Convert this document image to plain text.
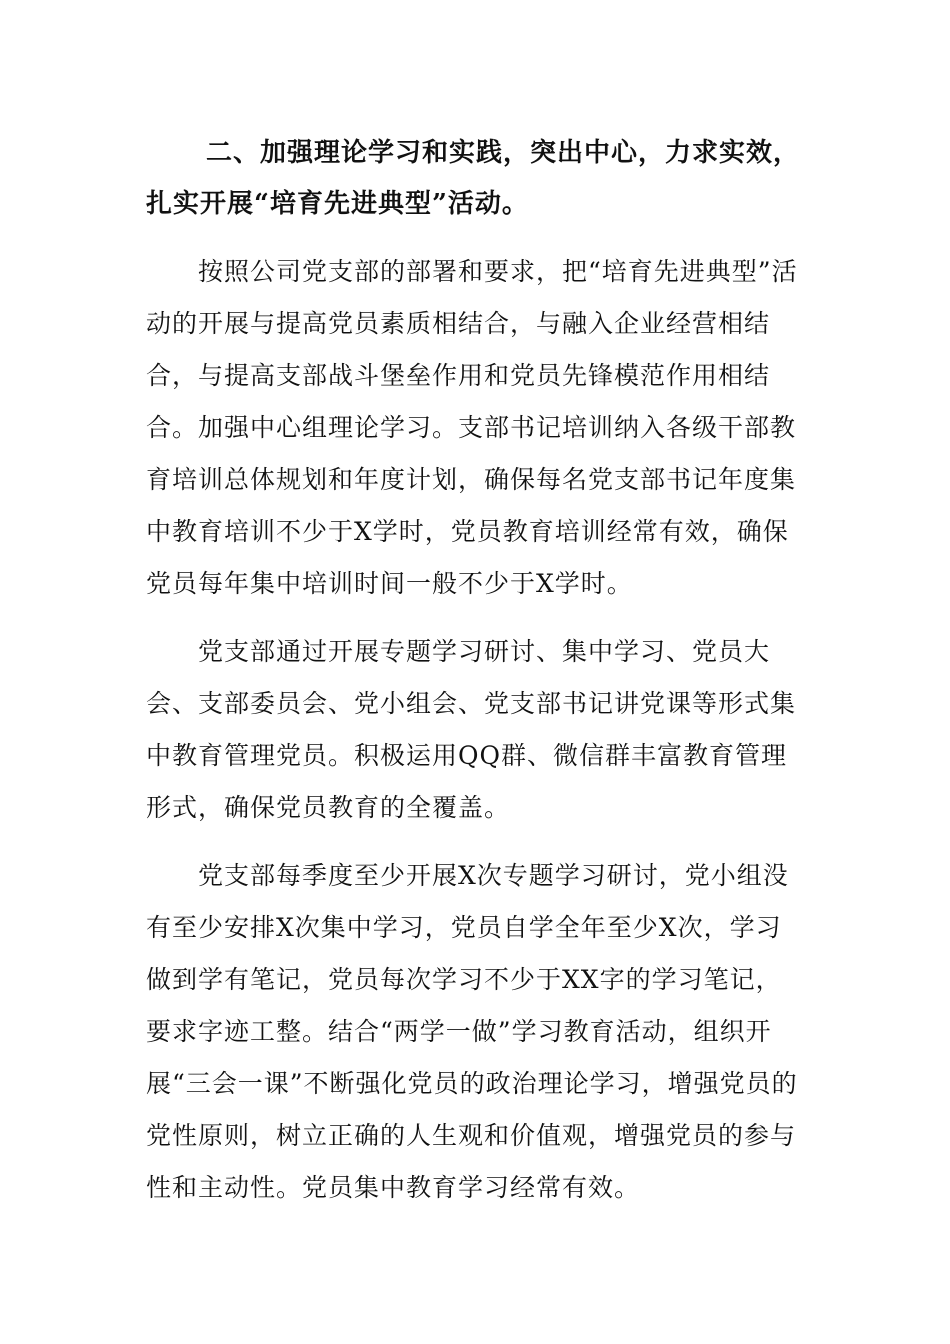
二、加强理论学习和实践，突出中心，力求实效，扎实开展“培育先进典型”活动。

按照公司党支部的部署和要求，把“培育先进典型”活动的开展与提高党员素质相结合，与融入企业经营相结合，与提高支部战斗堡垒作用和党员先锋模范作用相结合。加强中心组理论学习。支部书记培训纳入各级干部教育培训总体规划和年度计划，确保每名党支部书记年度集中教育培训不少于X学时，党员教育培训经常有效，确保党员每年集中培训时间一般不少于X学时。

党支部通过开展专题学习研讨、集中学习、党员大会、支部委员会、党小组会、党支部书记讲党课等形式集中教育管理党员。积极运用QQ群、微信群丰富教育管理形式，确保党员教育的全覆盖。

党支部每季度至少开展X次专题学习研讨，党小组没有至少安排X次集中学习，党员自学全年至少X次，学习做到学有笔记，党员每次学习不少于XX字的学习笔记，要求字迹工整。结合“两学一做”学习教育活动，组织开展“三会一课”不断强化党员的政治理论学习，增强党员的党性原则，树立正确的人生观和价值观，增强党员的参与性和主动性。党员集中教育学习经常有效。
